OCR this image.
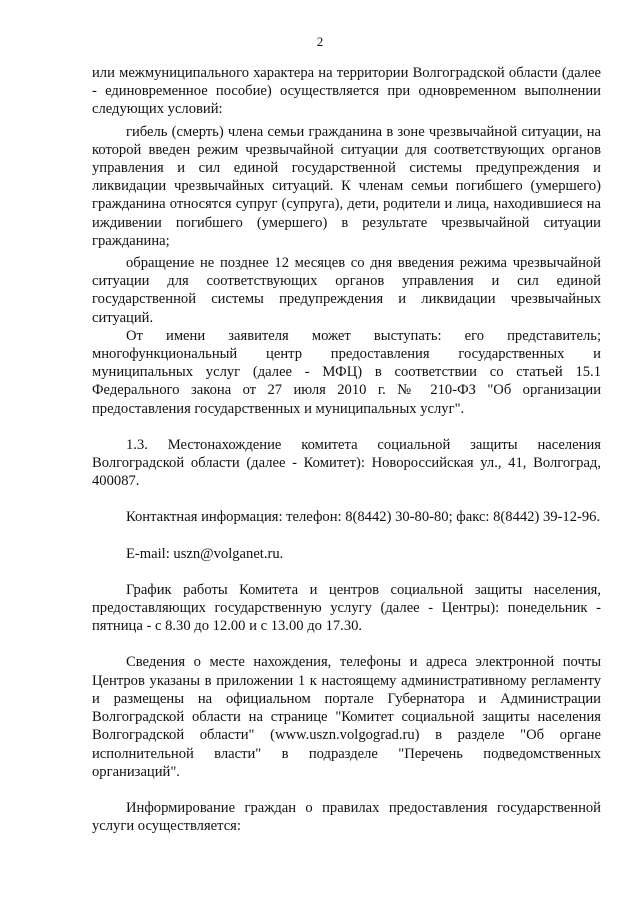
2

или межмуниципального характера на территории Волгоградской области (далее - единовременное пособие) осуществляется при одновременном выполнении следующих условий:

гибель (смерть) члена семьи гражданина в зоне чрезвычайной ситуации, на которой введен режим чрезвычайной ситуации для соответствующих органов управления и сил единой государственной системы предупреждения и ликвидации чрезвычайных ситуаций. К членам семьи погибшего (умершего) гражданина относятся супруг (супруга), дети, родители и лица, находившиеся на иждивении погибшего (умершего) в результате чрезвычайной ситуации гражданина;

обращение не позднее 12 месяцев со дня введения режима чрезвычайной ситуации для соответствующих органов управления и сил единой государственной системы предупреждения и ликвидации чрезвычайных ситуаций.

От имени заявителя может выступать: его представитель; многофункциональный центр предоставления государственных и муниципальных услуг (далее - МФЦ) в соответствии со статьей 15.1 Федерального закона от 27 июля 2010 г. № 210-ФЗ "Об организации предоставления государственных и муниципальных услуг".

1.3. Местонахождение комитета социальной защиты населения Волгоградской области (далее - Комитет): Новороссийская ул., 41, Волгоград, 400087.

Контактная информация: телефон: 8(8442) 30-80-80; факс: 8(8442) 39-12-96.

E-mail: uszn@volganet.ru.

График работы Комитета и центров социальной защиты населения, предоставляющих государственную услугу (далее - Центры): понедельник - пятница - с 8.30 до 12.00 и с 13.00 до 17.30.

Сведения о месте нахождения, телефоны и адреса электронной почты Центров указаны в приложении 1 к настоящему административному регламенту и размещены на официальном портале Губернатора и Администрации Волгоградской области на странице "Комитет социальной защиты населения Волгоградской области" (www.uszn.volgograd.ru) в разделе "Об органе исполнительной власти" в подразделе "Перечень подведомственных организаций".

Информирование граждан о правилах предоставления государственной услуги осуществляется:
